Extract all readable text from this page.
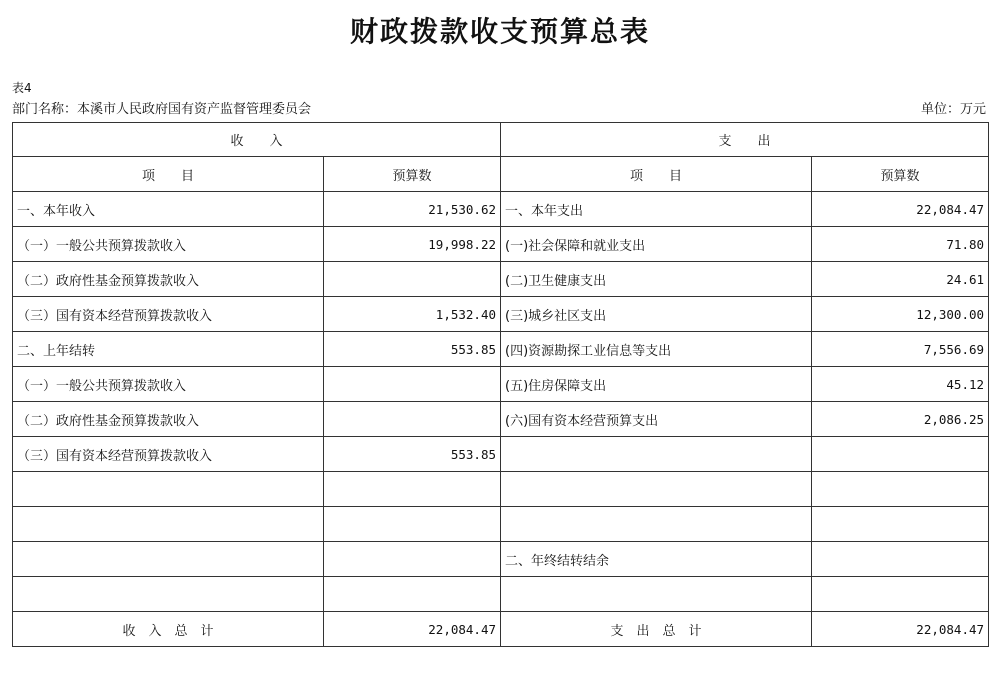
财政拨款收支预算总表
表4
部门名称：本溪市人民政府国有资产监督管理委员会	单位：万元
收　　入		支　　出	
项　　目	预算数	项　　目	预算数
一、本年收入	21,530.62	一、本年支出	22,084.47
（一）一般公共预算拨款收入	19,998.22	(一)社会保障和就业支出	71.80
（二）政府性基金预算拨款收入		(二)卫生健康支出	24.61
（三）国有资本经营预算拨款收入	1,532.40	(三)城乡社区支出	12,300.00
二、上年结转	553.85	(四)资源勘探工业信息等支出	7,556.69
（一）一般公共预算拨款收入		(五)住房保障支出	45.12
（二）政府性基金预算拨款收入		(六)国有资本经营预算支出	2,086.25
（三）国有资本经营预算拨款收入	553.85		

		二、年终结转结余	

收　入　总　计	22,084.47	支　出　总　计	22,084.47
